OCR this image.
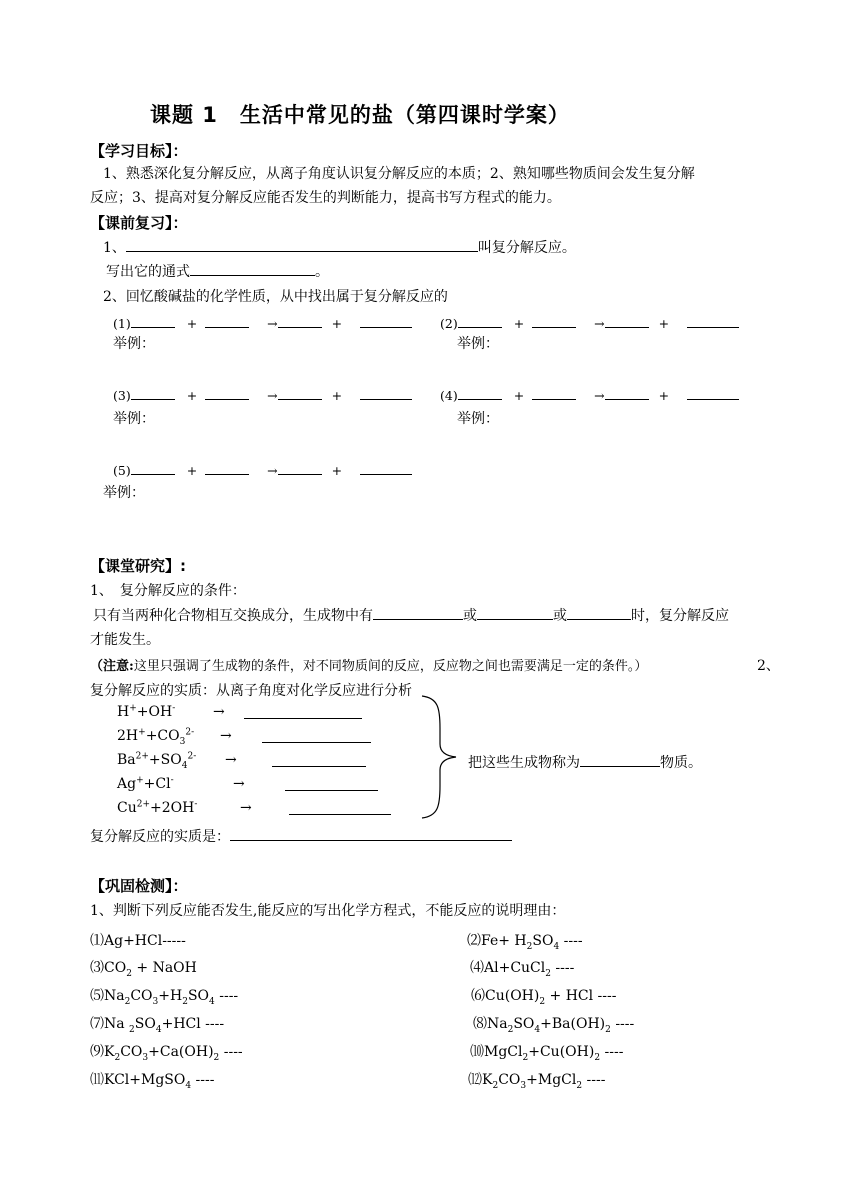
课题 1　生活中常见的盐（第四课时学案）
【学习目标】：
1、熟悉深化复分解反应，从离子角度认识复分解反应的本质；2、熟知哪些物质间会发生复分解
反应；3、提高对复分解反应能否发生的判断能力，提高书写方程式的能力。
【课前复习】：
1、	叫复分解反应。
写出它的通式	。
2、回忆酸碱盐的化学性质，从中找出属于复分解反应的
(1)	+	→	+
举例：
(2)	+	→	+
举例：
(3)	+	→	+
举例：
(4)	+	→	+
举例：
(5)	+	→	+
举例：
【课堂研究】:
1、　复分解反应的条件：
只有当两种化合物相互交换成分，生成物中有	或	或	时，复分解反应
才能发生。
（注意:这里只强调了生成物的条件，对不同物质间的反应，反应物之间也需要满足一定的条件。）	2、
复分解反应的实质：从离子角度对化学反应进行分析
H++OH-	→
$2H^++CO_3^{2-}$ →
$Ba^{2+}+SO_4^{2-}$ →
Ag++Cl-	→
$Cu^{2+}+2OH^-$	→
把这些生成物称为	物质。
复分解反应的实质是：
【巩固检测】：
1、判断下列反应能否发生,能反应的写出化学方程式，不能反应的说明理由：
⑴Ag+HCl-----	⑵Fe+ $H_2SO_4$ ----
$⑶CO_2$ + NaOH	⑷Al+CuCl$_2$ ----
$⑸Na_2CO_3+H_2SO_4$ ----	$⑹Cu(OH)_2$ + HCl ----
⑺Na $_2SO_4+HCl$ ----	$⑻Na_2SO_4+Ba(OH)_2$ ----
$⑼K_2CO_3+Ca(OH)_2$ ----	$⑽MgCl_2+Cu(OH)_2$ ----
⑾KCl+MgSO$_4$ ----	$⑿K_2CO_3+MgCl_2$ ----
